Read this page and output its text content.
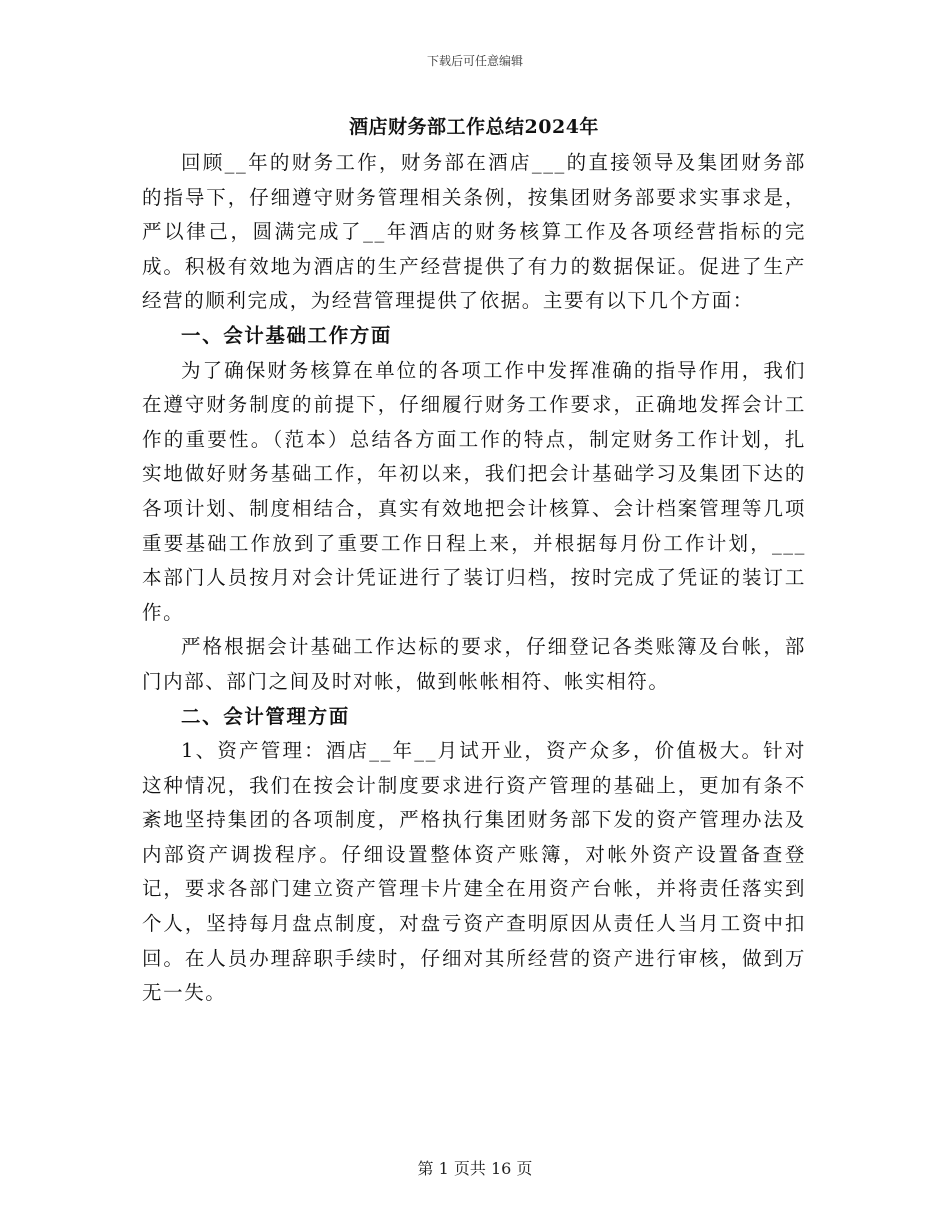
下载后可任意编辑
酒店财务部工作总结2024年

回顾__年的财务工作，财务部在酒店___的直接领导及集团财务部的指导下，仔细遵守财务管理相关条例，按集团财务部要求实事求是，严以律己，圆满完成了__年酒店的财务核算工作及各项经营指标的完成。积极有效地为酒店的生产经营提供了有力的数据保证。促进了生产经营的顺利完成，为经营管理提供了依据。主要有以下几个方面：

一、会计基础工作方面

为了确保财务核算在单位的各项工作中发挥准确的指导作用，我们在遵守财务制度的前提下，仔细履行财务工作要求，正确地发挥会计工作的重要性。（范本）总结各方面工作的特点，制定财务工作计划，扎实地做好财务基础工作，年初以来，我们把会计基础学习及集团下达的各项计划、制度相结合，真实有效地把会计核算、会计档案管理等几项重要基础工作放到了重要工作日程上来，并根据每月份工作计划，___本部门人员按月对会计凭证进行了装订归档，按时完成了凭证的装订工作。

严格根据会计基础工作达标的要求，仔细登记各类账簿及台帐，部门内部、部门之间及时对帐，做到帐帐相符、帐实相符。

二、会计管理方面

1、资产管理：酒店__年__月试开业，资产众多，价值极大。针对这种情况，我们在按会计制度要求进行资产管理的基础上，更加有条不紊地坚持集团的各项制度，严格执行集团财务部下发的资产管理办法及内部资产调拨程序。仔细设置整体资产账簿，对帐外资产设置备查登记，要求各部门建立资产管理卡片建全在用资产台帐，并将责任落实到个人，坚持每月盘点制度，对盘亏资产查明原因从责任人当月工资中扣回。在人员办理辞职手续时，仔细对其所经营的资产进行审核，做到万无一失。

第 1 页共 16 页
